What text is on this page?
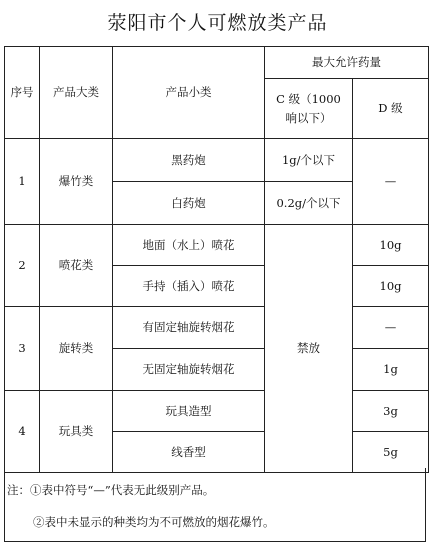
荥阳市个人可燃放类产品
序号	产品大类	产品小类	最大允许药量	
			C 级（1000响以下）	D 级
1	爆竹类	黑药炮	1g/个以下	—
		白药炮	0.2g/个以下	
2	喷花类	地面（水上）喷花	禁放	10g
		手持（插入）喷花		10g
3	旋转类	有固定轴旋转烟花		—
		无固定轴旋转烟花		1g
4	玩具类	玩具造型		3g
		线香型		5g
注：①表中符号“—”代表无此级别产品。
②表中未显示的种类均为不可燃放的烟花爆竹。
